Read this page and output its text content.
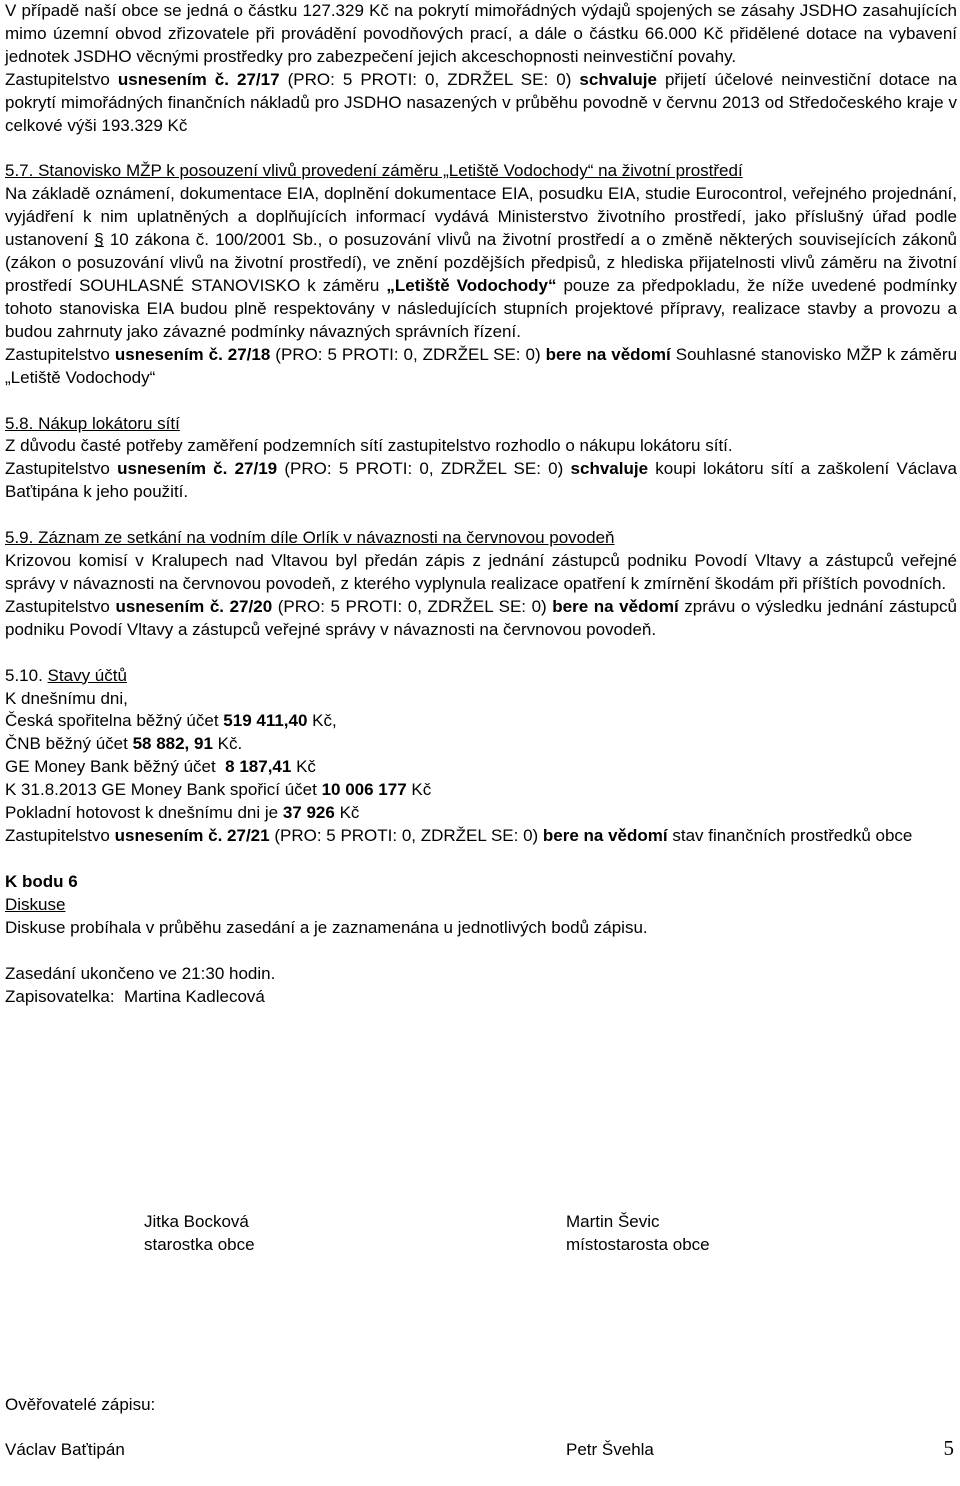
V případě naší obce se jedná o částku 127.329 Kč na pokrytí mimořádných výdajů spojených se zásahy JSDHO zasahujících mimo územní obvod zřizovatele při provádění povodňových prací, a dále o částku 66.000 Kč přidělené dotace na vybavení jednotek JSDHO věcnými prostředky pro zabezpečení jejich akceschopnosti neinvestiční povahy.

Zastupitelstvo usnesením č. 27/17 (PRO: 5 PROTI: 0, ZDRŽEL SE: 0) schvaluje přijetí účelové neinvestiční dotace na pokrytí mimořádných finančních nákladů pro JSDHO nasazených v průběhu povodně v červnu 2013 od Středočeského kraje v celkové výši 193.329 Kč

5.7. Stanovisko MŽP k posouzení vlivů provedení záměru „Letiště Vodochody“ na životní prostředí

Na základě oznámení, dokumentace EIA, doplnění dokumentace EIA, posudku EIA, studie Eurocontrol, veřejného projednání, vyjádření k nim uplatněných a doplňujících informací vydává Ministerstvo životního prostředí, jako příslušný úřad podle ustanovení § 10 zákona č. 100/2001 Sb., o posuzování vlivů na životní prostředí a o změně některých souvisejících zákonů (zákon o posuzování vlivů na životní prostředí), ve znění pozdějších předpisů, z hlediska přijatelnosti vlivů záměru na životní prostředí SOUHLASNÉ STANOVISKO k záměru „Letiště Vodochody“ pouze za předpokladu, že níže uvedené podmínky tohoto stanoviska EIA budou plně respektovány v následujících stupních projektové přípravy, realizace stavby a provozu a budou zahrnuty jako závazné podmínky návazných správních řízení.

Zastupitelstvo usnesením č. 27/18 (PRO: 5 PROTI: 0, ZDRŽEL SE: 0) bere na vědomí Souhlasné stanovisko MŽP k záměru „Letiště Vodochody“

5.8. Nákup lokátoru sítí

Z důvodu časté potřeby zaměření podzemních sítí zastupitelstvo rozhodlo o nákupu lokátoru sítí.

Zastupitelstvo usnesením č. 27/19 (PRO: 5 PROTI: 0, ZDRŽEL SE: 0) schvaluje koupi lokátoru sítí a zaškolení Václava Baťtipána k jeho použití.

5.9. Záznam ze setkání na vodním díle Orlík v návaznosti na červnovou povodeň

Krizovou komisí v Kralupech nad Vltavou byl předán zápis z jednání zástupců podniku Povodí Vltavy a zástupců veřejné správy v návaznosti na červnovou povodeň, z kterého vyplynula realizace opatření k zmírnění škodám při příštích povodních.

Zastupitelstvo usnesením č. 27/20 (PRO: 5 PROTI: 0, ZDRŽEL SE: 0) bere na vědomí zprávu o výsledku jednání zástupců podniku Povodí Vltavy a zástupců veřejné správy v návaznosti na červnovou povodeň.

5.10. Stavy účtů

K dnešnímu dni,

Česká spořitelna běžný účet 519 411,40 Kč,

ČNB běžný účet 58 882, 91 Kč.

GE Money Bank běžný účet  8 187,41 Kč

K 31.8.2013 GE Money Bank spořicí účet 10 006 177 Kč

Pokladní hotovost k dnešnímu dni je 37 926 Kč

Zastupitelstvo usnesením č. 27/21 (PRO: 5 PROTI: 0, ZDRŽEL SE: 0) bere na vědomí stav finančních prostředků obce

K bodu 6

Diskuse

Diskuse probíhala v průběhu zasedání a je zaznamenána u jednotlivých bodů zápisu.

Zasedání ukončeno ve 21:30 hodin.

Zapisovatelka:  Martina Kadlecová

Jitka Bocková
starostka obce
Martin Ševic
místostarosta obce
Ověřovatelé zápisu:
Václav Baťtipán	Petr Švehla	5
